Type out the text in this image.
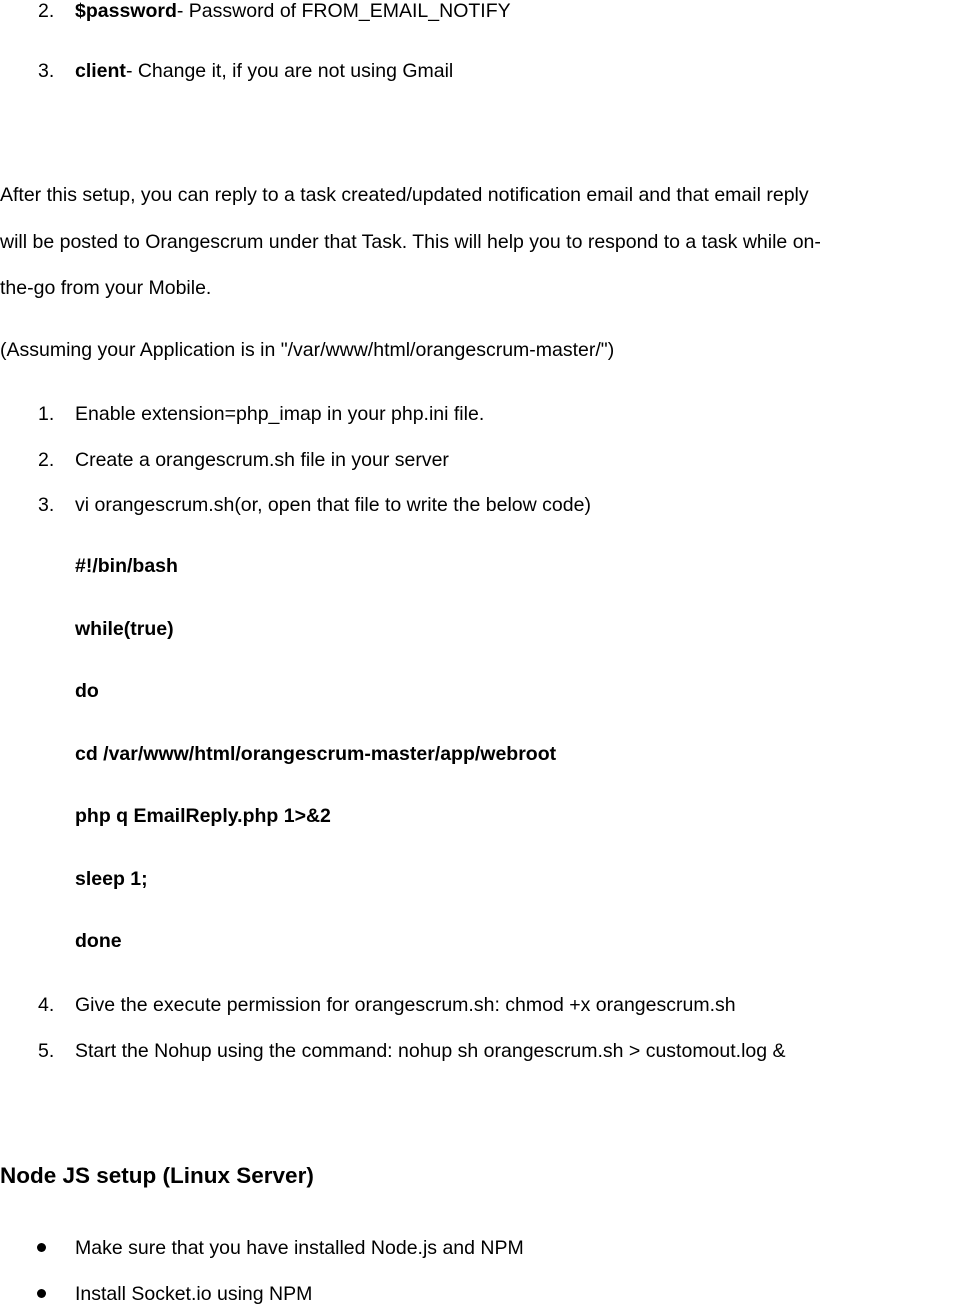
2.	$password- Password of FROM_EMAIL_NOTIFY
3.	client- Change it, if you are not using Gmail
After this setup, you can reply to a task created/updated notification email and that email reply
will be posted to Orangescrum under that Task. This will help you to respond to a task while on-
the-go from your Mobile.
(Assuming your Application is in "/var/www/html/orangescrum-master/")
1.	Enable extension=php_imap in your php.ini file.
2.	Create a orangescrum.sh file in your server
3.	vi orangescrum.sh(or, open that file to write the below code)
#!/bin/bash
while(true)
do
cd /var/www/html/orangescrum-master/app/webroot
php q EmailReply.php 1>&2
sleep 1;
done
4.	Give the execute permission for orangescrum.sh: chmod +x orangescrum.sh
5.	Start the Nohup using the command: nohup sh orangescrum.sh > customout.log &
Node JS setup (Linux Server)
Make sure that you have installed Node.js and NPM
Install Socket.io using NPM
